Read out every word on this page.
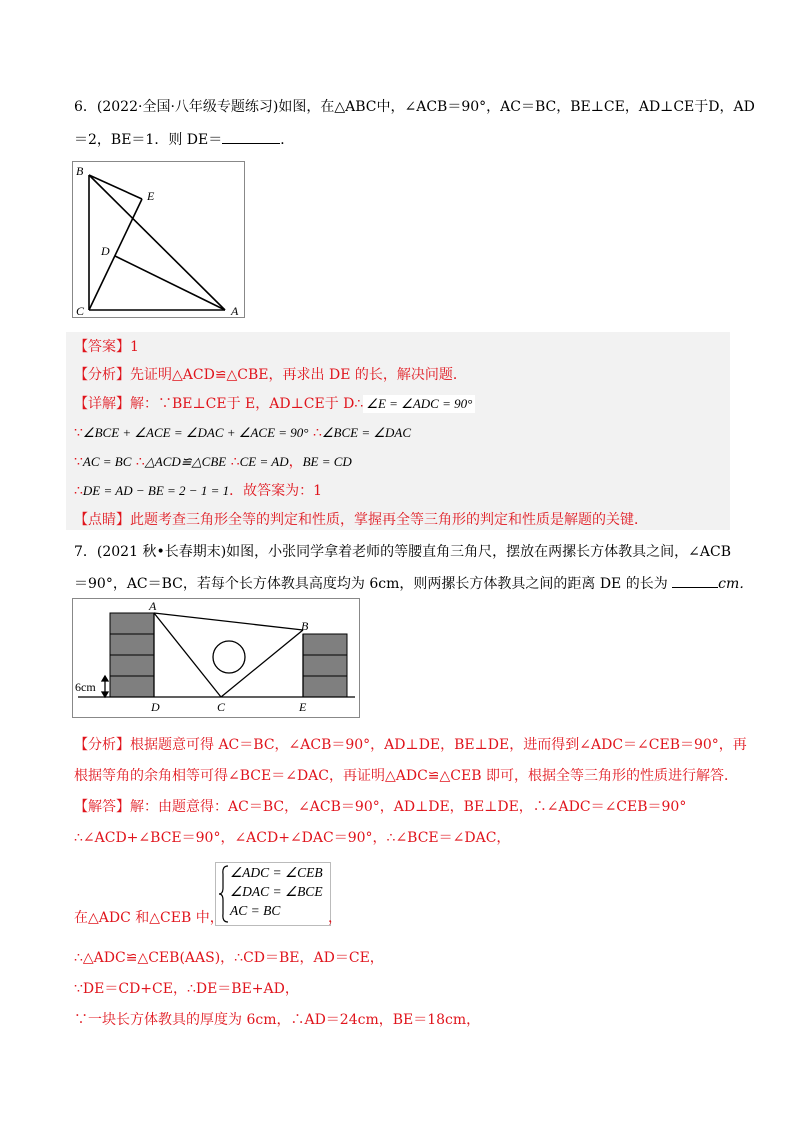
6．(2022·全国·八年级专题练习)如图，在△ABC中，∠ACB＝90°，AC＝BC，BE⊥CE，AD⊥CE于D，AD
＝2，BE＝1．则 DE＝	．
B
E
D
C	A
【答案】1
【分析】先证明△ACD≌△CBE，再求出 DE 的长，解决问题．
【详解】解：∵BE⊥CE于 E，AD⊥CE于 D∴ ∠E = ∠ADC = 90°
∵∠BCE + ∠ACE = ∠DAC + ∠ACE = 90° ∴∠BCE = ∠DAC
∵AC = BC ∴△ACD≌△CBE ∴CE = AD，BE = CD
∴DE = AD − BE = 2 − 1 = 1．故答案为：1
【点睛】此题考查三角形全等的判定和性质，掌握再全等三角形的判定和性质是解题的关键．
7．(2021 秋•长春期末)如图，小张同学拿着老师的等腰直角三角尺，摆放在两摞长方体教具之间，∠ACB
＝90°，AC＝BC，若每个长方体教具高度均为 6cm，则两摞长方体教具之间的距离 DE 的长为	cm．
A
B
D	C	E
6cm
【分析】根据题意可得 AC＝BC，∠ACB＝90°，AD⊥DE，BE⊥DE，进而得到∠ADC＝∠CEB＝90°，再
根据等角的余角相等可得∠BCE＝∠DAC，再证明△ADC≌△CEB 即可，根据全等三角形的性质进行解答．
【解答】解：由题意得：AC＝BC，∠ACB＝90°，AD⊥DE，BE⊥DE，∴∠ADC＝∠CEB＝90°
∴∠ACD+∠BCE＝90°，∠ACD+∠DAC＝90°，∴∠BCE＝∠DAC，
∠ADC = ∠CEB
∠DAC = ∠BCE
AC = BC
在△ADC 和△CEB 中，	，
∴△ADC≌△CEB(AAS)，∴CD＝BE，AD＝CE，
∵DE＝CD+CE，∴DE＝BE+AD，
∵一块长方体教具的厚度为 6cm，∴AD＝24cm，BE＝18cm，
